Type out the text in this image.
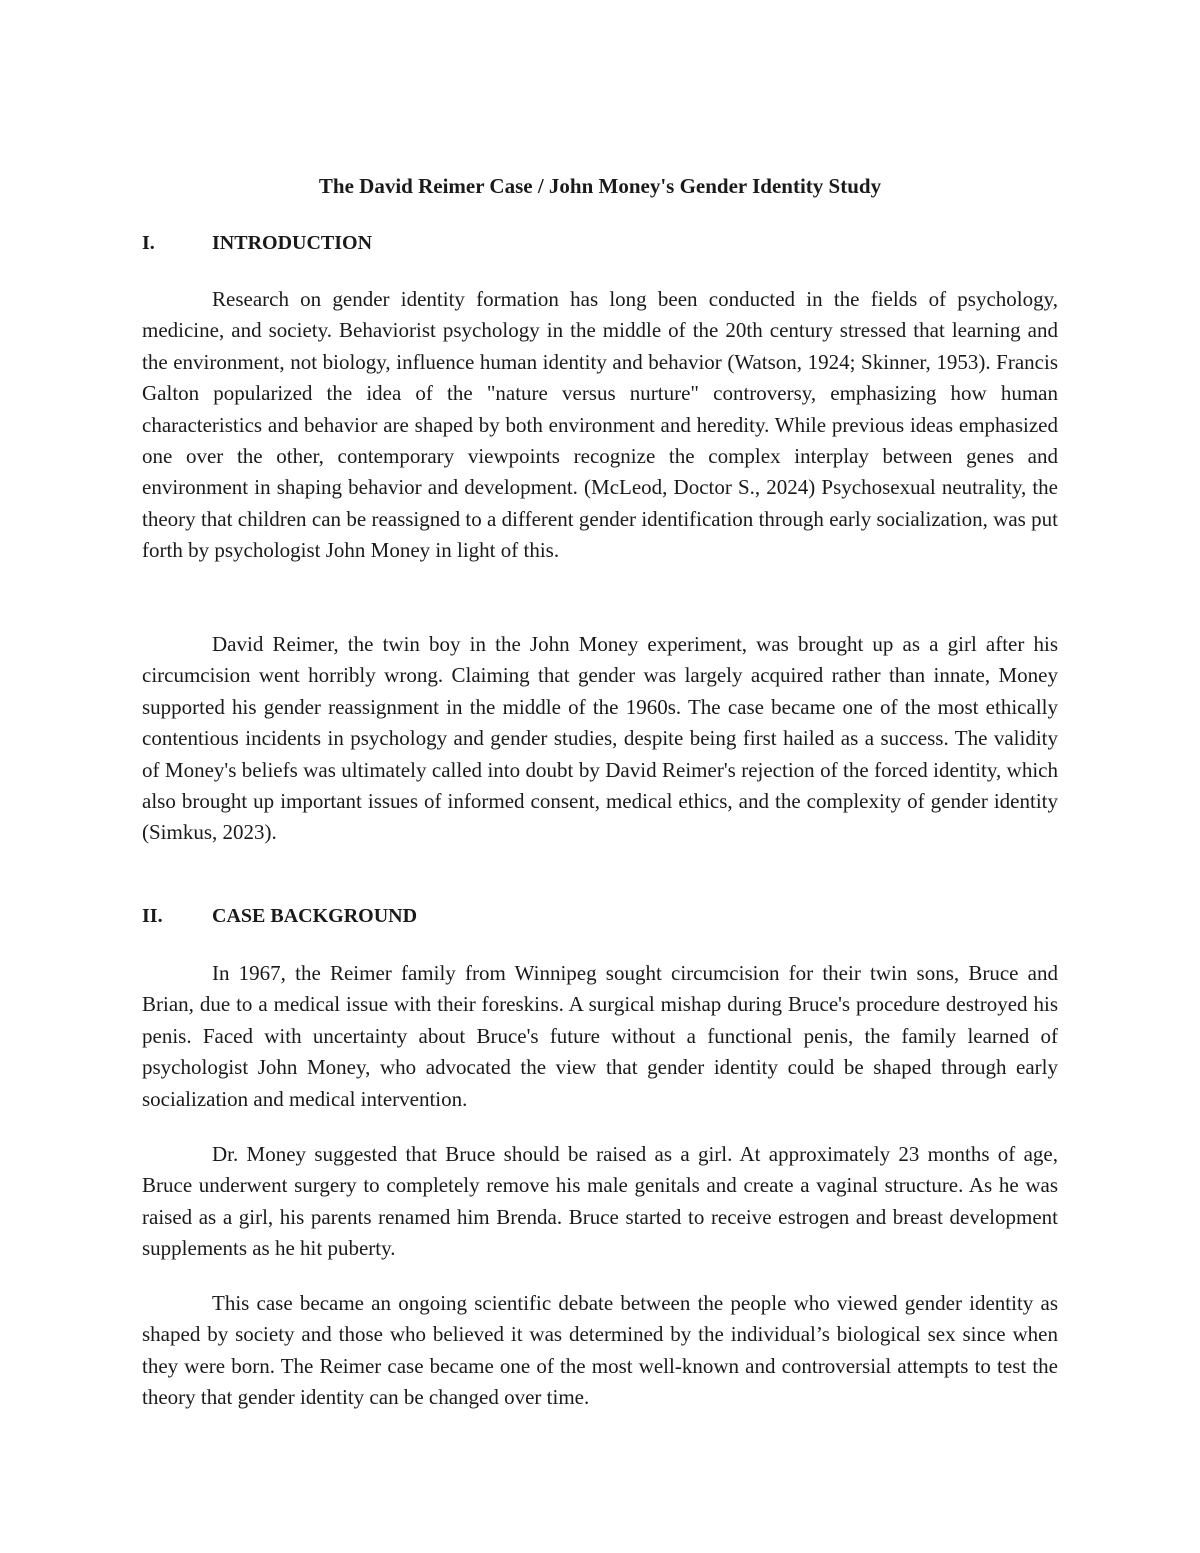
The David Reimer Case / John Money's Gender Identity Study
I.	INTRODUCTION

Research on gender identity formation has long been conducted in the fields of psychology, medicine, and society. Behaviorist psychology in the middle of the 20th century stressed that learning and the environment, not biology, influence human identity and behavior (Watson, 1924; Skinner, 1953). Francis Galton popularized the idea of the "nature versus nurture" controversy, emphasizing how human characteristics and behavior are shaped by both environment and heredity. While previous ideas emphasized one over the other, contemporary viewpoints recognize the complex interplay between genes and environment in shaping behavior and development. (McLeod, Doctor S., 2024) Psychosexual neutrality, the theory that children can be reassigned to a different gender identification through early socialization, was put forth by psychologist John Money in light of this.

David Reimer, the twin boy in the John Money experiment, was brought up as a girl after his circumcision went horribly wrong. Claiming that gender was largely acquired rather than innate, Money supported his gender reassignment in the middle of the 1960s. The case became one of the most ethically contentious incidents in psychology and gender studies, despite being first hailed as a success. The validity of Money's beliefs was ultimately called into doubt by David Reimer's rejection of the forced identity, which also brought up important issues of informed consent, medical ethics, and the complexity of gender identity (Simkus, 2023).

II. CASE BACKGROUND

In 1967, the Reimer family from Winnipeg sought circumcision for their twin sons, Bruce and Brian, due to a medical issue with their foreskins. A surgical mishap during Bruce's procedure destroyed his penis. Faced with uncertainty about Bruce's future without a functional penis, the family learned of psychologist John Money, who advocated the view that gender identity could be shaped through early socialization and medical intervention.

Dr. Money suggested that Bruce should be raised as a girl. At approximately 23 months of age, Bruce underwent surgery to completely remove his male genitals and create a vaginal structure. As he was raised as a girl, his parents renamed him Brenda. Bruce started to receive estrogen and breast development supplements as he hit puberty.

This case became an ongoing scientific debate between the people who viewed gender identity as shaped by society and those who believed it was determined by the individual’s biological sex since when they were born. The Reimer case became one of the most well-known and controversial attempts to test the theory that gender identity can be changed over time.
